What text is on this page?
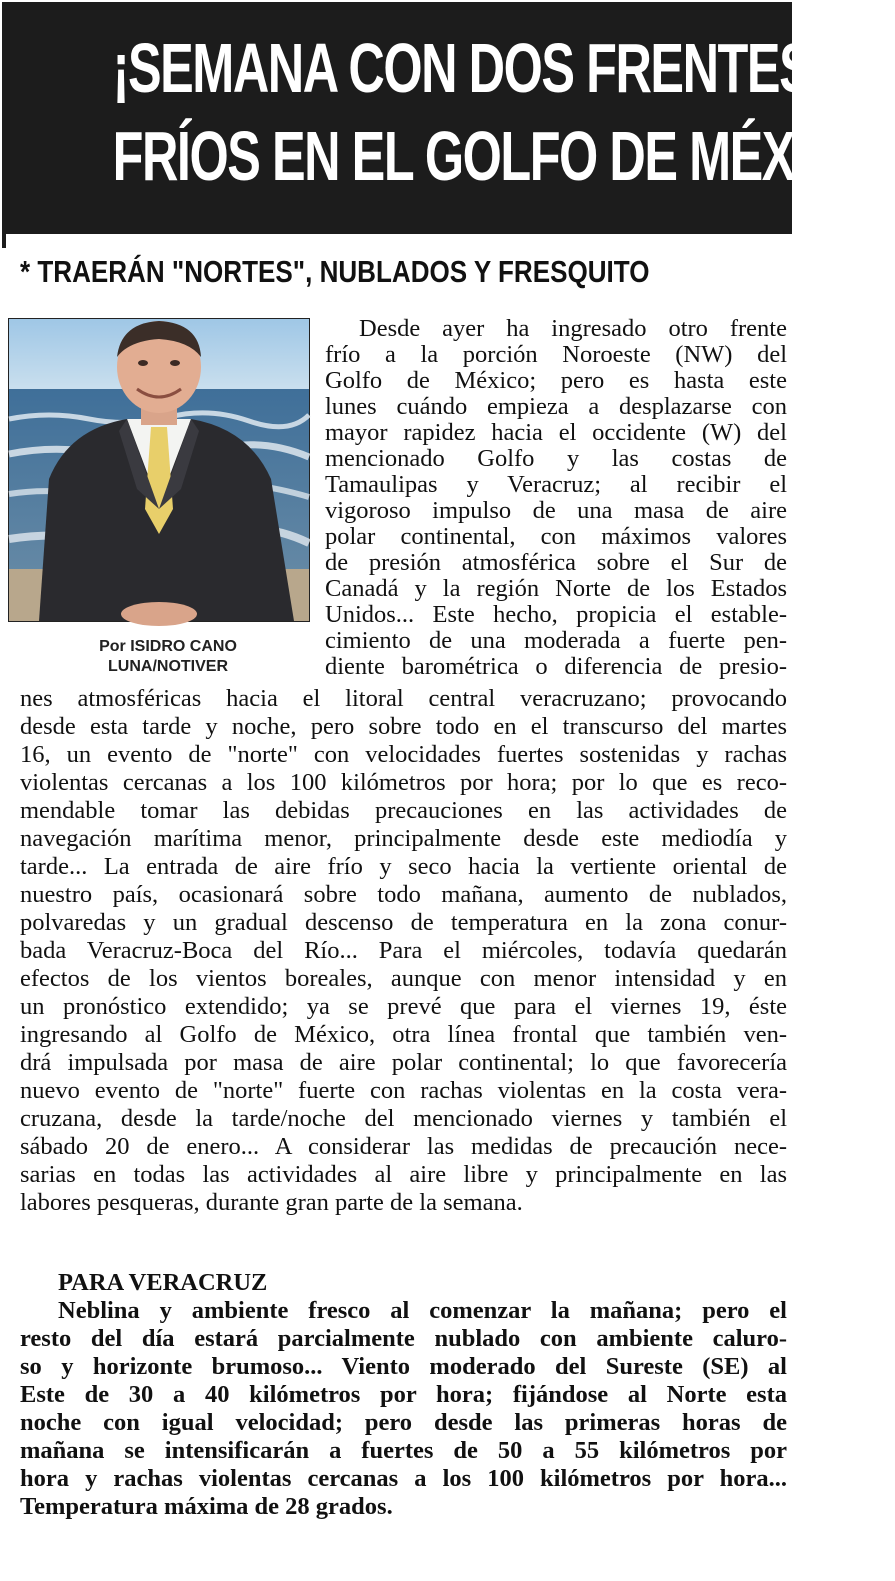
¡SEMANA CON DOS FRENTES
FRÍOS EN EL GOLFO DE MÉXICO!
* TRAERÁN "NORTES", NUBLADOS Y FRESQUITO
Por ISIDRO CANO
LUNA/NOTIVER
Desde ayer ha ingresado otro frente
frío a la porción Noroeste (NW) del
Golfo de México; pero es hasta este
lunes cuándo empieza a desplazarse con
mayor rapidez hacia el occidente (W) del
mencionado Golfo y las costas de
Tamaulipas y Veracruz; al recibir el
vigoroso impulso de una masa de aire
polar continental, con máximos valores
de presión atmosférica sobre el Sur de
Canadá y la región Norte de los Estados
Unidos... Este hecho, propicia el estable-
cimiento de una moderada a fuerte pen-
diente barométrica o diferencia de presio-
nes atmosféricas hacia el litoral central veracruzano; provocando
desde esta tarde y noche, pero sobre todo en el transcurso del martes
16, un evento de "norte" con velocidades fuertes sostenidas y rachas
violentas cercanas a los 100 kilómetros por hora; por lo que es reco-
mendable tomar las debidas precauciones en las actividades de
navegación marítima menor, principalmente desde este mediodía y
tarde... La entrada de aire frío y seco hacia la vertiente oriental de
nuestro país, ocasionará sobre todo mañana, aumento de nublados,
polvaredas y un gradual descenso de temperatura en la zona conur-
bada Veracruz-Boca del Río... Para el miércoles, todavía quedarán
efectos de los vientos boreales, aunque con menor intensidad y en
un pronóstico extendido; ya se prevé que para el viernes 19, éste
ingresando al Golfo de México, otra línea frontal que también ven-
drá impulsada por masa de aire polar continental; lo que favorecería
nuevo evento de "norte" fuerte con rachas violentas en la costa vera-
cruzana, desde la tarde/noche del mencionado viernes y también el
sábado 20 de enero... A considerar las medidas de precaución nece-
sarias en todas las actividades al aire libre y principalmente en las
labores pesqueras, durante gran parte de la semana.
PARA VERACRUZ
Neblina y ambiente fresco al comenzar la mañana; pero el
resto del día estará parcialmente nublado con ambiente caluro-
so y horizonte brumoso... Viento moderado del Sureste (SE) al
Este de 30 a 40 kilómetros por hora; fijándose al Norte esta
noche con igual velocidad; pero desde las primeras horas de
mañana se intensificarán a fuertes de 50 a 55 kilómetros por
hora y rachas violentas cercanas a los 100 kilómetros por hora...
Temperatura máxima de 28 grados.
